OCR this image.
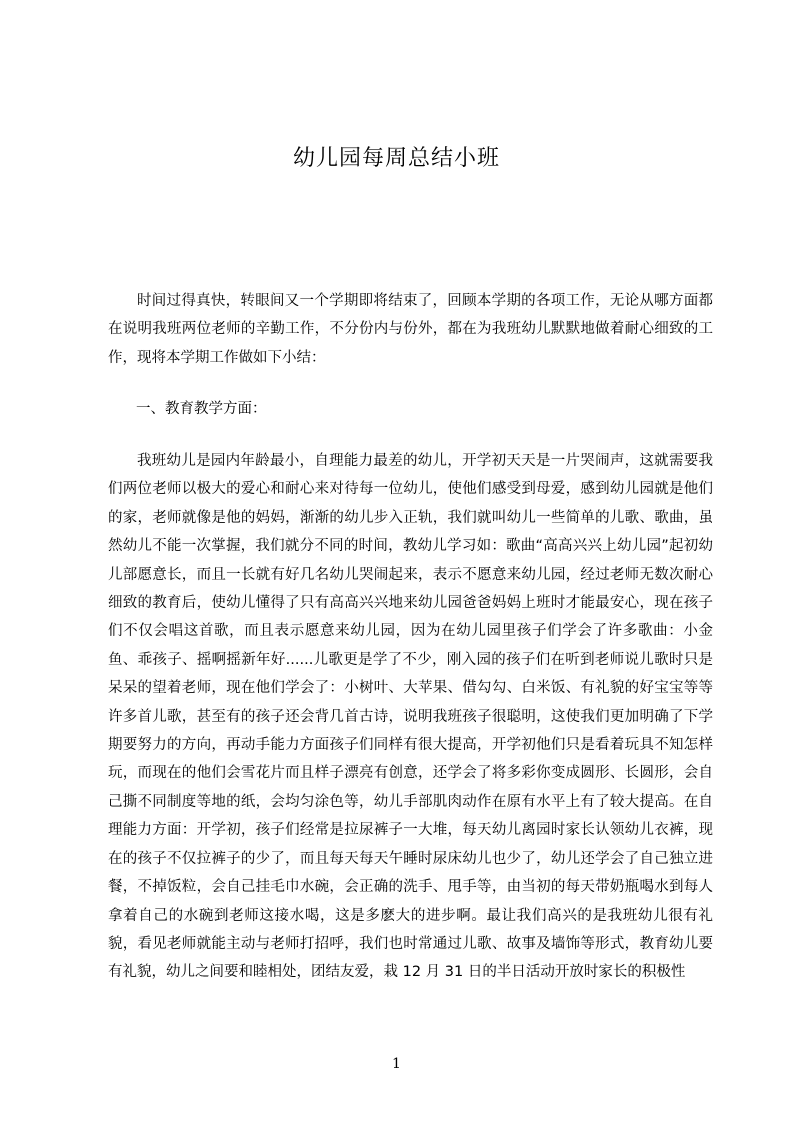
幼儿园每周总结小班

时间过得真快，转眼间又一个学期即将结束了，回顾本学期的各项工作，无论从哪方面都在说明我班两位老师的辛勤工作，不分份内与份外，都在为我班幼儿默默地做着耐心细致的工作，现将本学期工作做如下小结：

一、教育教学方面：

我班幼儿是园内年龄最小，自理能力最差的幼儿，开学初天天是一片哭闹声，这就需要我们两位老师以极大的爱心和耐心来对待每一位幼儿，使他们感受到母爱，感到幼儿园就是他们的家，老师就像是他的妈妈，渐渐的幼儿步入正轨，我们就叫幼儿一些简单的儿歌、歌曲，虽然幼儿不能一次掌握，我们就分不同的时间，教幼儿学习如：歌曲“高高兴兴上幼儿园”起初幼儿部愿意长，而且一长就有好几名幼儿哭闹起来，表示不愿意来幼儿园，经过老师无数次耐心细致的教育后，使幼儿懂得了只有高高兴兴地来幼儿园爸爸妈妈上班时才能最安心，现在孩子们不仅会唱这首歌，而且表示愿意来幼儿园，因为在幼儿园里孩子们学会了许多歌曲：小金鱼、乖孩子、摇啊摇新年好......儿歌更是学了不少，刚入园的孩子们在听到老师说儿歌时只是呆呆的望着老师，现在他们学会了：小树叶、大苹果、借勾勾、白米饭、有礼貌的好宝宝等等许多首儿歌，甚至有的孩子还会背几首古诗，说明我班孩子很聪明，这使我们更加明确了下学期要努力的方向，再动手能力方面孩子们同样有很大提高，开学初他们只是看着玩具不知怎样玩，而现在的他们会雪花片而且样子漂亮有创意，还学会了将多彩你变成圆形、长圆形，会自己撕不同制度等地的纸，会均匀涂色等，幼儿手部肌肉动作在原有水平上有了较大提高。在自理能力方面：开学初，孩子们经常是拉尿裤子一大堆，每天幼儿离园时家长认领幼儿衣裤，现在的孩子不仅拉裤子的少了，而且每天每天午睡时尿床幼儿也少了，幼儿还学会了自己独立进餐，不掉饭粒，会自己挂毛巾水碗，会正确的洗手、甩手等，由当初的每天带奶瓶喝水到每人拿着自己的水碗到老师这接水喝，这是多麽大的进步啊。最让我们高兴的是我班幼儿很有礼貌，看见老师就能主动与老师打招呼，我们也时常通过儿歌、故事及墙饰等形式，教育幼儿要有礼貌，幼儿之间要和睦相处，团结友爱，栽 12 月 31 日的半日活动开放时家长的积极性

1
